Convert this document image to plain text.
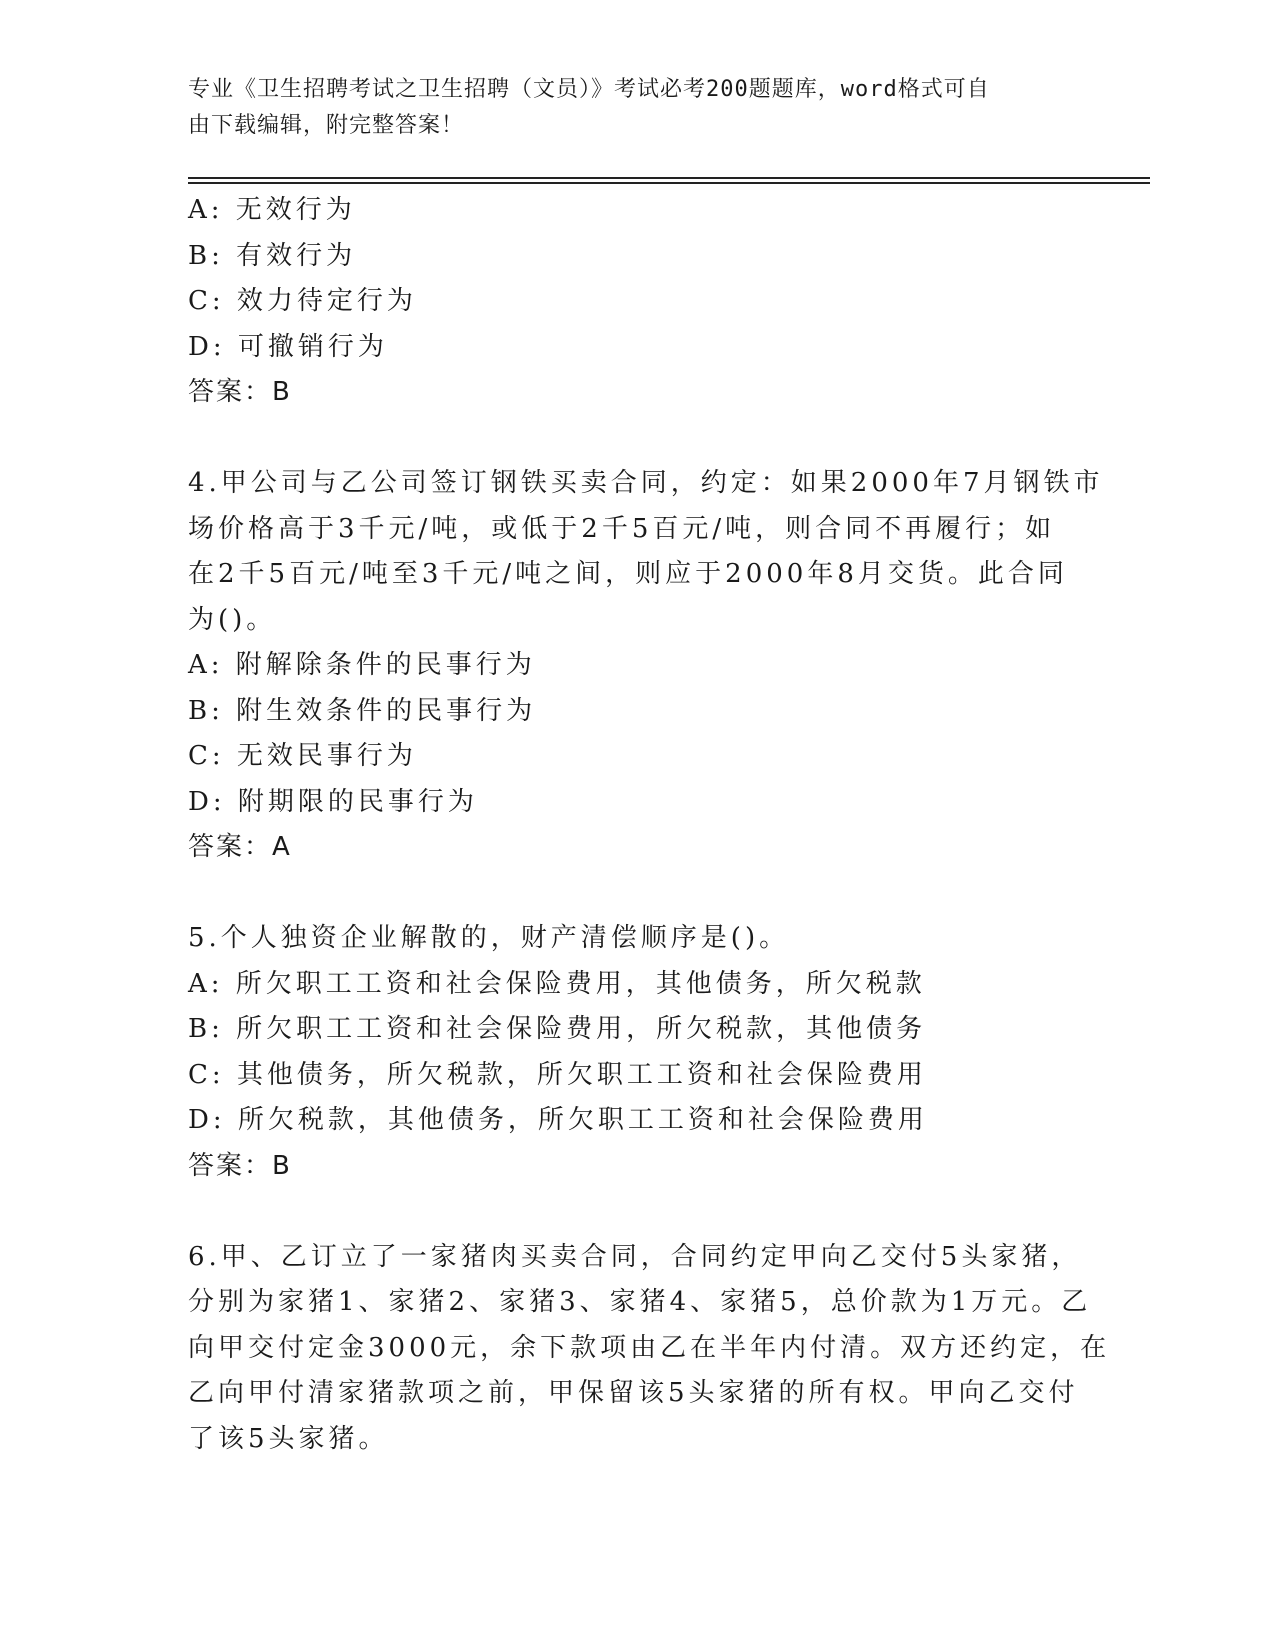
专业《卫生招聘考试之卫生招聘（文员）》考试必考200题题库，word格式可自
由下载编辑，附完整答案！
A: 无效行为
B: 有效行为
C: 效力待定行为
D: 可撤销行为
答案：B
4.甲公司与乙公司签订钢铁买卖合同，约定：如果2000年7月钢铁市
场价格高于3千元/吨，或低于2千5百元/吨，则合同不再履行；如
在2千5百元/吨至3千元/吨之间，则应于2000年8月交货。此合同
为()。
A: 附解除条件的民事行为
B: 附生效条件的民事行为
C: 无效民事行为
D: 附期限的民事行为
答案：A
5.个人独资企业解散的，财产清偿顺序是()。
A: 所欠职工工资和社会保险费用，其他债务，所欠税款
B: 所欠职工工资和社会保险费用，所欠税款，其他债务
C: 其他债务，所欠税款，所欠职工工资和社会保险费用
D: 所欠税款，其他债务，所欠职工工资和社会保险费用
答案：B
6.甲、乙订立了一家猪肉买卖合同，合同约定甲向乙交付5头家猪，
分别为家猪1、家猪2、家猪3、家猪4、家猪5，总价款为1万元。乙
向甲交付定金3000元，余下款项由乙在半年内付清。双方还约定，在
乙向甲付清家猪款项之前，甲保留该5头家猪的所有权。甲向乙交付
了该5头家猪。
